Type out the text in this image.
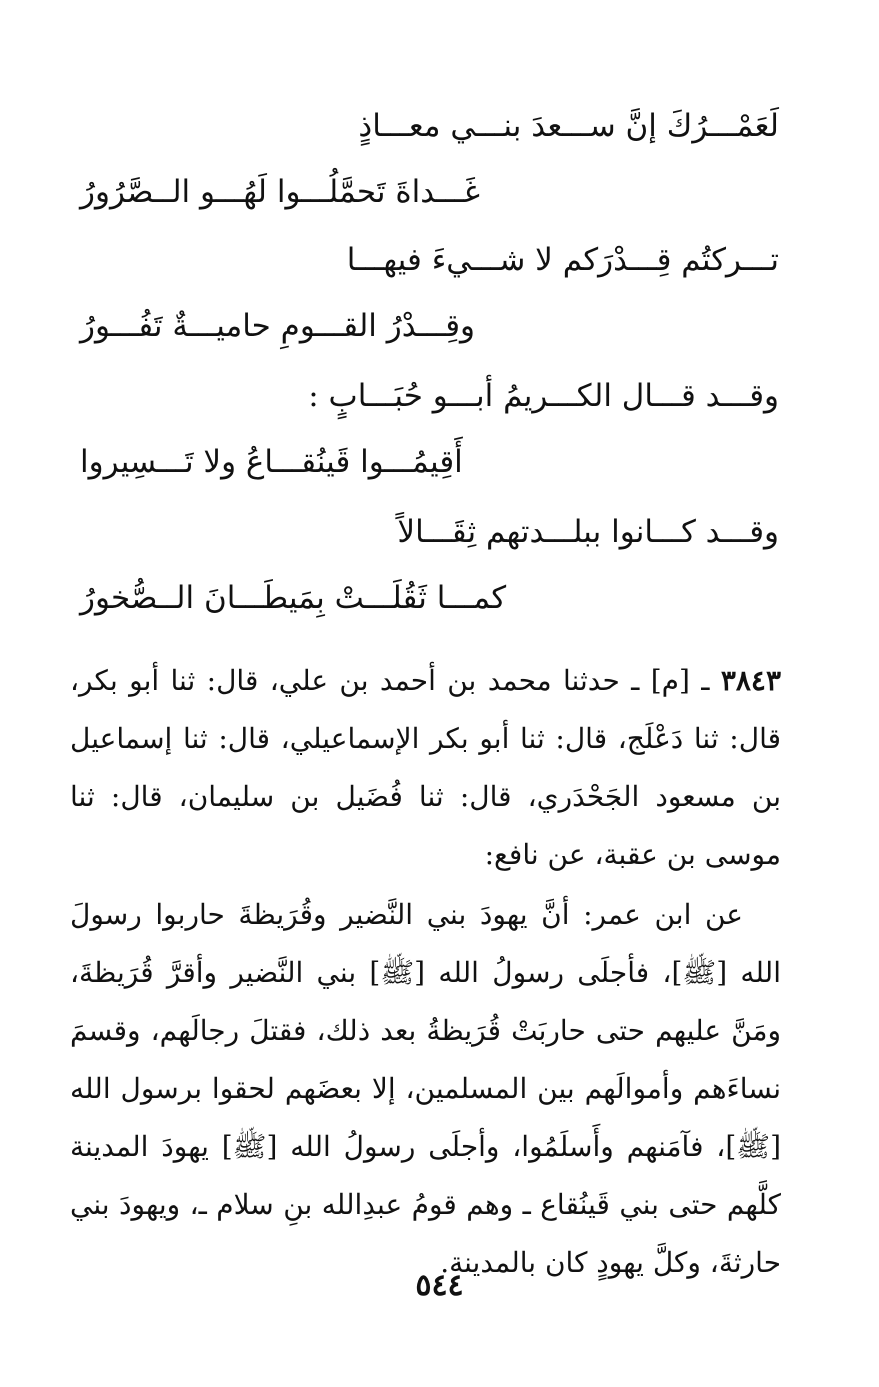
لَعَمْـــرُكَ إنَّ ســـعدَ بنـــي معـــاذٍ
غَـــداةَ تَحمَّلُـــوا لَهُـــو الــصَّرُورُ
تـــركتُم قِـــدْرَكم لا شـــيءَ فيهـــا
وقِـــدْرُ القـــومِ حاميـــةٌ تَفُـــورُ
وقـــد قـــال الكـــريمُ أبـــو حُبَـــابٍ :
أَقِيمُـــوا قَينُقـــاعُ ولا تَـــسِيروا
وقـــد كـــانوا ببلـــدتهم ثِقَـــالاً
كمـــا ثَقُلَـــتْ بِمَيطَـــانَ الــصُّخورُ

٣٨٤٣ ـ [م] ـ حدثنا محمد بن أحمد بن علي، قال: ثنا أبو بكر، قال: ثنا دَعْلَج، قال: ثنا أبو بكر الإسماعيلي، قال: ثنا إسماعيل بن مسعود الجَحْدَري، قال: ثنا فُضَيل بن سليمان، قال: ثنا موسى بن عقبة، عن نافع:

عن ابن عمر: أنَّ يهودَ بني النَّضير وقُرَيظةَ حاربوا رسولَ الله [ﷺ]، فأجلَى رسولُ الله [ﷺ] بني النَّضير وأقرَّ قُرَيظةَ، ومَنَّ عليهم حتى حاربَتْ قُرَيظةُ بعد ذلك، فقتلَ رجالَهم، وقسمَ نساءَهم وأموالَهم بين المسلمين، إلا بعضَهم لحقوا برسول الله [ﷺ]، فآمَنهم وأَسلَمُوا، وأجلَى رسولُ الله [ﷺ] يهودَ المدينة كلَّهم حتى بني قَينُقاع ـ وهم قومُ عبدِالله بنِ سلام ـ، ويهودَ بني حارثةَ، وكلَّ يهودٍ كان بالمدينة.

٥٤٤
